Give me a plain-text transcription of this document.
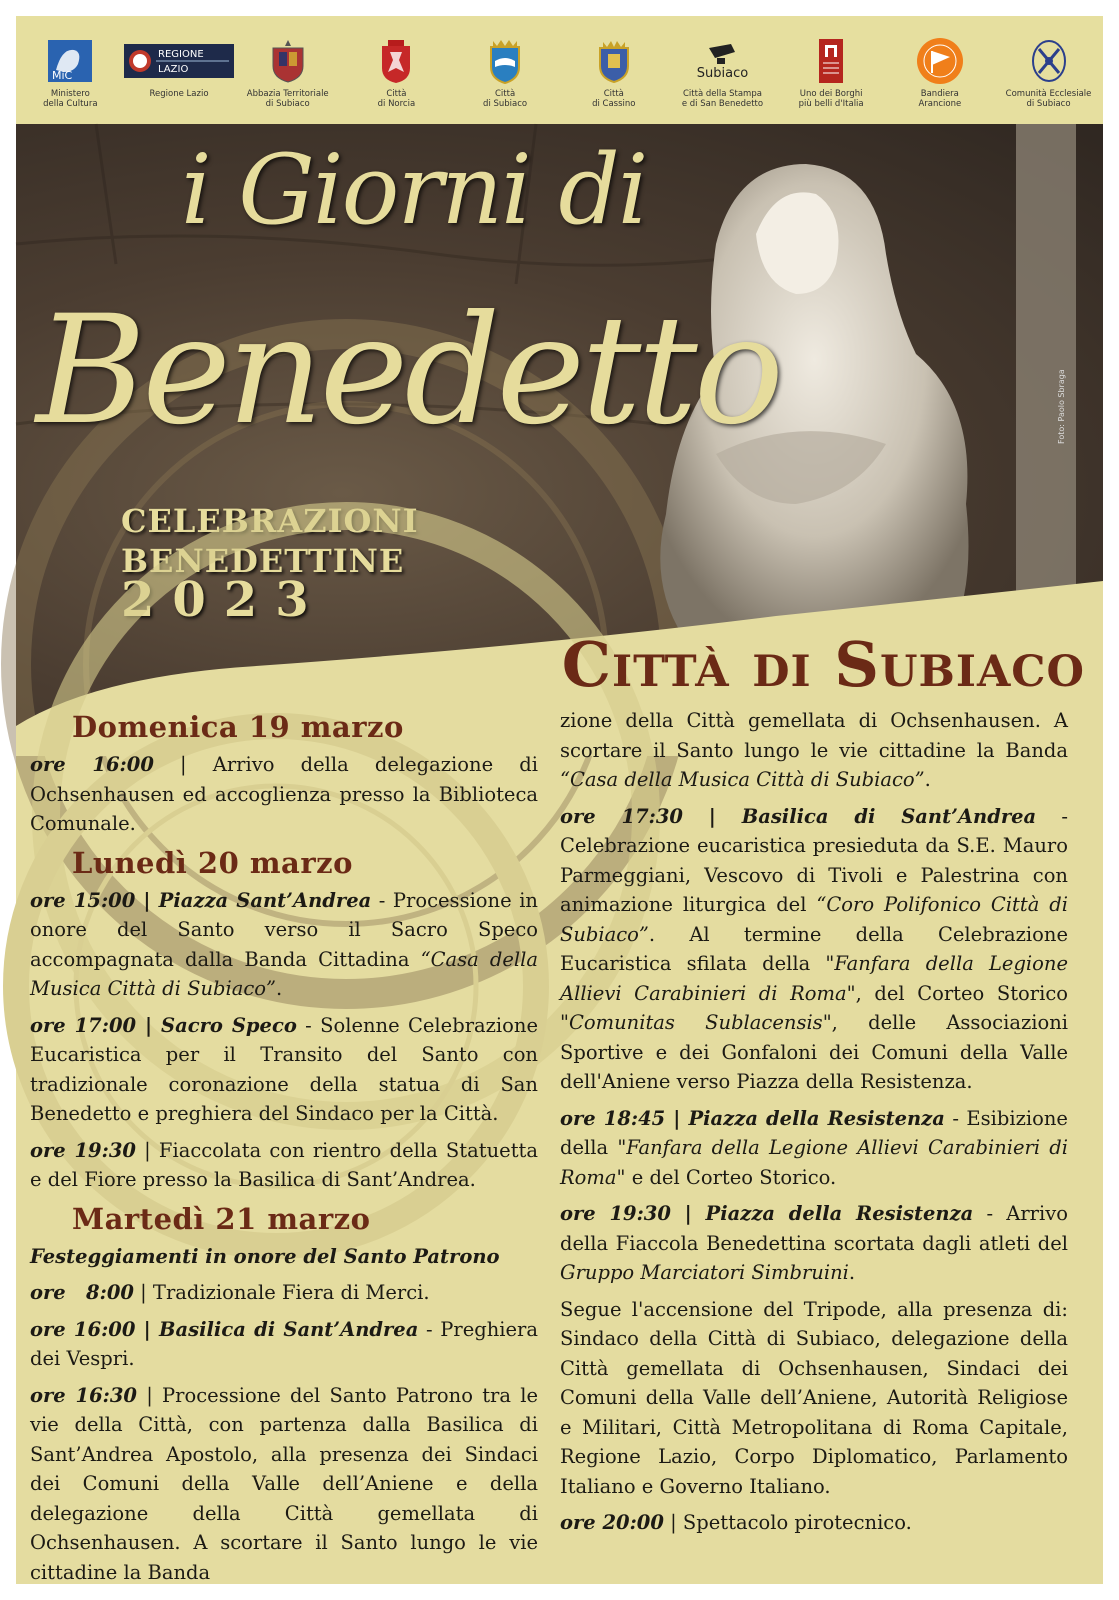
MiC
Ministero
della Cultura
REGIONE
LAZIO
Regione Lazio	Abbazia Territoriale
di Subiaco
Città
di Norcia
Città
di Subiaco
Città
di Cassino
Subiaco
Città della Stampa
e di San Benedetto
Uno dei Borghi
più belli d'Italia
Bandiera
Arancione
Comunità Ecclesiale
di Subiaco
i Giorni di
Benedetto
CELEBRAZIONI
BENEDETTINE
2023
Foto: Paolo Sbraga
Città di Subiaco
Domenica 19 marzo
ore 16:00 | Arrivo della delegazione di Ochsenhausen ed accoglienza presso la Biblioteca Comunale.
Lunedì 20 marzo
ore 15:00 | Piazza Sant’Andrea - Processione in onore del Santo verso il Sacro Speco accompagnata dalla Banda Cittadina “Casa della Musica Città di Subiaco”.
ore 17:00 | Sacro Speco - Solenne Celebrazione Eucaristica per il Transito del Santo con tradizionale coronazione della statua di San Benedetto e preghiera del Sindaco per la Città.
ore 19:30 | Fiaccolata con rientro della Statuetta e del Fiore presso la Basilica di Sant’Andrea.
Martedì 21 marzo
Festeggiamenti in onore del Santo Patrono
ore   8:00 | Tradizionale Fiera di Merci.
ore 16:00 | Basilica di Sant’Andrea - Preghiera dei Vespri.
ore 16:30 | Processione del Santo Patrono tra le vie della Città, con partenza dalla Basilica di Sant’Andrea Apostolo, alla presenza dei Sindaci dei Comuni della Valle dell’Aniene e della delegazione della Città gemellata di Ochsenhausen. A scortare il Santo lungo le vie cittadine la Banda
zione della Città gemellata di Ochsenhausen. A scortare il Santo lungo le vie cittadine la Banda “Casa della Musica Città di Subiaco”.
ore 17:30 | Basilica di Sant’Andrea - Celebrazione eucaristica presieduta da S.E. Mauro Parmeggiani, Vescovo di Tivoli e Palestrina con animazione liturgica del “Coro Polifonico Città di Subiaco”. Al termine della Celebrazione Eucaristica sfilata della "Fanfara della Legione Allievi Carabinieri di Roma", del Corteo Storico "Comunitas Sublacensis", delle Associazioni Sportive e dei Gonfaloni dei Comuni della Valle dell'Aniene verso Piazza della Resistenza.
ore 18:45 | Piazza della Resistenza - Esibizione della "Fanfara della Legione Allievi Carabinieri di Roma" e del Corteo Storico.
ore 19:30 | Piazza della Resistenza - Arrivo della Fiaccola Benedettina scortata dagli atleti del Gruppo Marciatori Simbruini.
Segue l'accensione del Tripode, alla presenza di: Sindaco della Città di Subiaco, delegazione della Città gemellata di Ochsenhausen, Sindaci dei Comuni della Valle dell’Aniene, Autorità Religiose e Militari, Città Metropolitana di Roma Capitale, Regione Lazio, Corpo Diplomatico, Parlamento Italiano e Governo Italiano.
ore 20:00 | Spettacolo pirotecnico.
